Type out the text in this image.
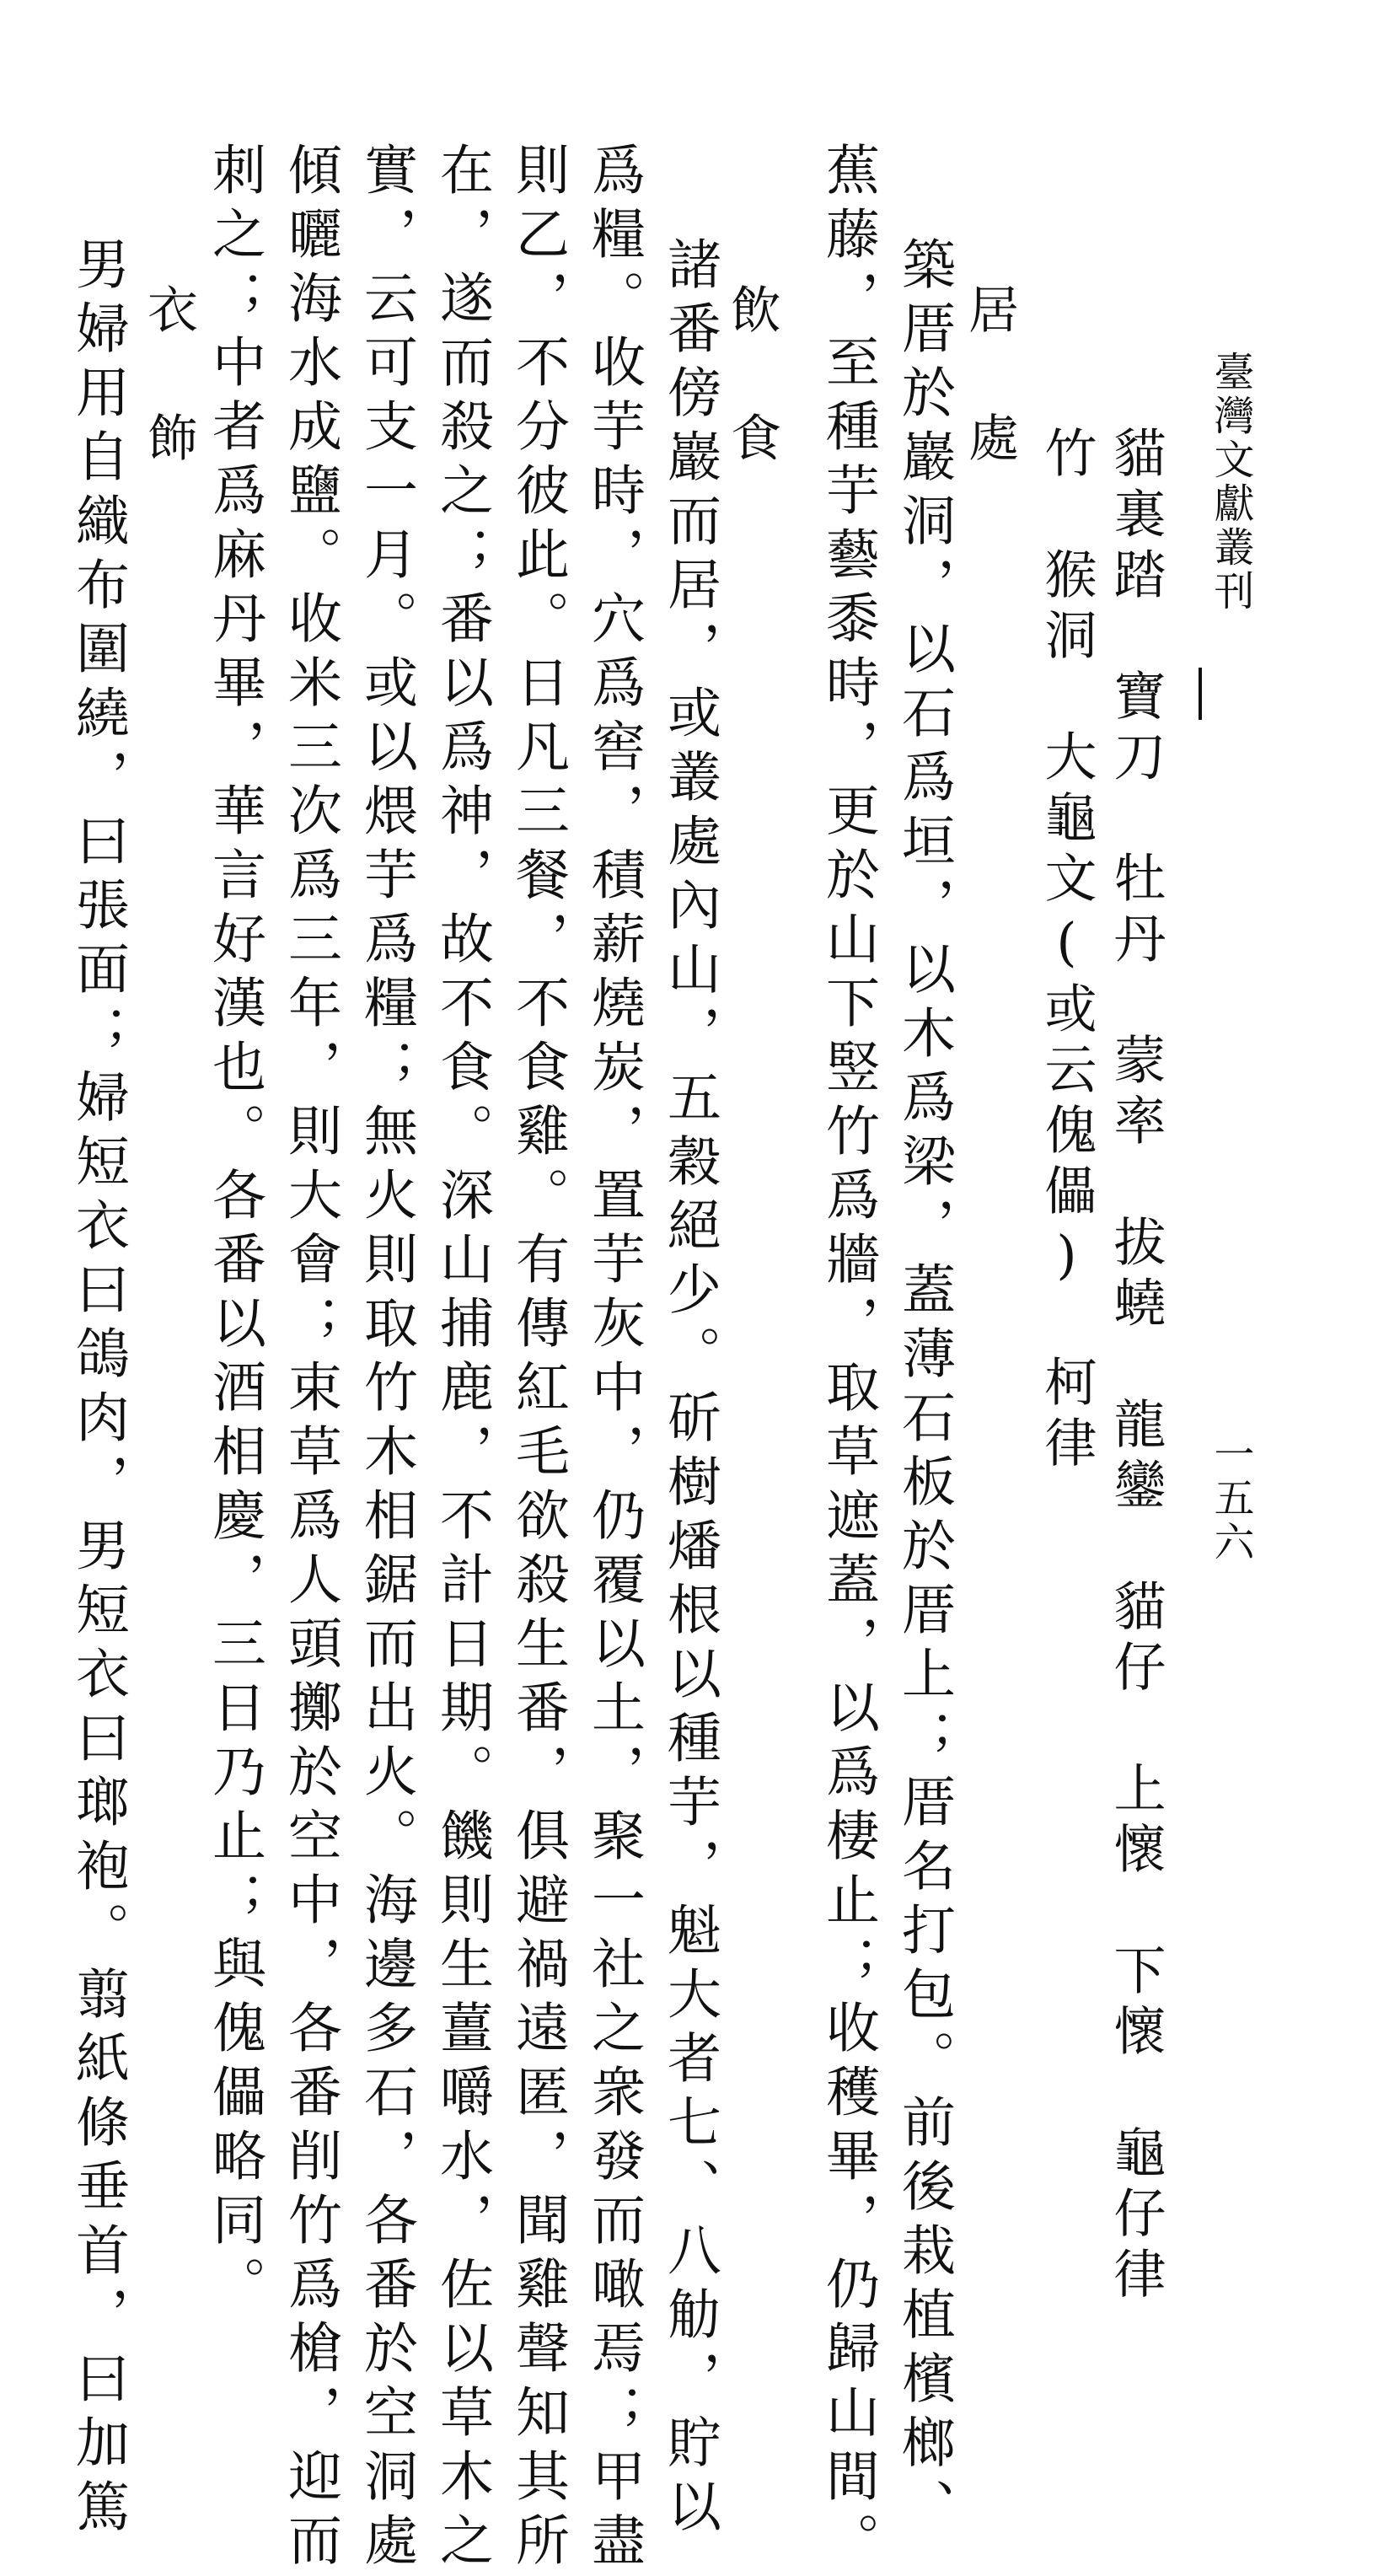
臺灣文獻叢刊
一五六
貓裏踏　寶刀　牡丹　蒙率　拔蟯　龍鑾　貓仔　上懷　下懷　龜仔律
竹　猴洞　大龜文(或云傀儡)　柯律
居　處
築厝於巖洞，以石爲垣，以木爲梁，蓋薄石板於厝上；厝名打包。前後栽植檳榔、
蕉藤，至種芋藝黍時，更於山下竪竹爲牆，取草遮蓋，以爲棲止；收穫畢，仍歸山間。
飲　食
諸番傍巖而居，或叢處內山，五穀絕少。斫樹燔根以種芋，魁大者七、八觔，貯以
爲糧。收芋時，穴爲窖，積薪燒炭，置芋灰中，仍覆以土，聚一社之衆發而噉焉；甲盡
則乙，不分彼此。日凡三餐，不食雞。有傳紅毛欲殺生番，俱避禍遠匿，聞雞聲知其所
在，遂而殺之；番以爲神，故不食。深山捕鹿，不計日期。饑則生薑嚼水，佐以草木之
實，云可支一月。或以煨芋爲糧；無火則取竹木相鋸而出火。海邊多石，各番於空洞處
傾曬海水成鹽。收米三次爲三年，則大會；束草爲人頭擲於空中，各番削竹爲槍，迎而
刺之；中者爲麻丹畢，華言好漢也。各番以酒相慶，三日乃止；與傀儡略同。
衣　飾
男婦用自織布圍繞，曰張面；婦短衣曰鴿肉，男短衣曰瑯袍。翦紙條垂首，曰加篤
